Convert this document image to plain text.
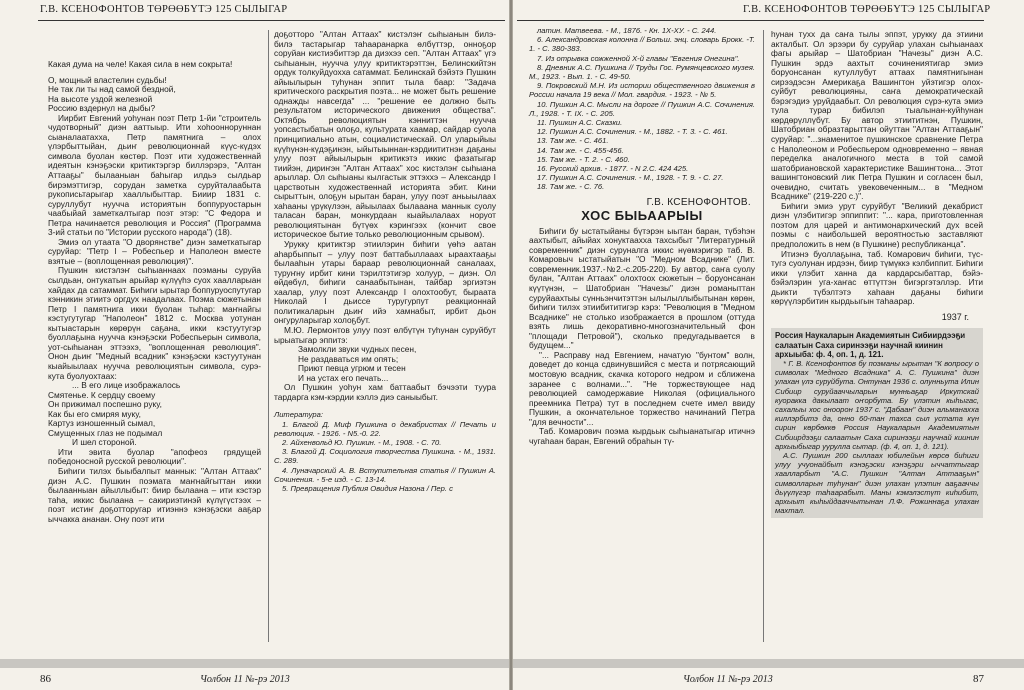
Г.В. КСЕНОФОНТОВ ТӨРӨӨБҮТЭ 125 СЫЛЫГАР

Какая дума на челе! Какая сила в нем сокрыта!

О, мощный властелин судьбы!

Не так ли ты над самой бездной,

На высоте уздой железной

Россию вздернул на дыбы?

Иирбит Евгений уоһунан поэт Петр 1-йи "строитель чудотворный" диэн ааттыыр. Ити хоһоонноруннан сыаналаатахха, Петр памятнига – олох үлэрбыттыйан, дьиҥ революционнай күүс-күдэх символа буолан көстөр. Поэт ити художественнай идеятын кэнэҕэски критиктэргэр биллэрэрэ, "Алтан Аттааҕы" былааныан баһыгар илдьэ сылдьар бирэмэттигэр, сорудан заметка суруйталаабыта рукописьтарыгар хааллыбыттар. Бииир 1831 с. суруллубут нууччa историятын боппуруостарын чаабыйай заметкалтыгар поэт этэр: "С Федора и Петра начинается революция и Россия" (Программа 3-ий статьи по "Истории русского народа") (18).

Эмиэ ол утаата "О дворянстве" диэн заметкатыгар суруйар: "Петр I – Робеспьер и Наполеон вместе взятые – (воплощенная революция)".

Пушкин кистэлэҥ сыһыаннаах поэманы суруйа сылдьан, онтукатын арыйар күлүүһэ суох хаалларыан хайдах да сатаммат. Биһиги ырытар боппуруоспутугар кэнникин этиитэ оргдух наадалаах. Поэма сюжетынан Петр I памятнига икки буолан тыһар: маҥнайгы кэстугутугар "Наполеон" 1812 с. Москва уотунан кытыастарын көрөрүн саҕана, икки кэстуутугэр буоллаҕына нууччa кэнэҕэски Робеспьерын символа, уот-сыһыанан эттээхэ, "воплощенная революция". Онон дьиҥ "Медный всадник" кэнэҕэски кэстуутунан кыайыылаах нууччa революциятын символа, сурэ-кута буолуохтаах:

... В его лице изображалось

Смятенье. К сердцу своему

Он прижимал поспешно руку,

Как бы его смиряя муку,

Картуз изношенный сымал,

Смущенных глаз не подымал

И шел стороной.

Ити эвита буолар "апофеоз грядущей победоносной русской революции".

Биһиги тилэх быыбалпыт маннык: "Алтан Аттаах" диэн А.С. Пушкин поэмата маҥнайгыттан икки былаанныан айыллыбыт: биир былаана – ити кэстэр таһа, иккис былаана – сакириэтинэй күлүгүстээх – поэт истиҥ доҕотторугар итиэннэ кэнэҕэски ааҕар ыччакка ананан. Ону поэт ити

доҕотторо "Алтан Аттаах" кистэлэҥ сыһыанын билэ-билэ тастарыгар таһааранарка өлбүттэр, онноҕор соруйан кистиэбиттэр да диэхээ сеп. "Алтан Аттаах" үгэ сыһыанын, нууччa улуу критиктэрэттэн, Белинскийтэн ордук толкуйдуохха сатаммат. Белинскай бэйэтэ Пушкин айыылырын туһунан эппит тыла баар: "Задача критического раскрытия поэта... не может быть решение однажды навсегда" ... "решение ее должно быть результатом исторического движения общества". Октябрь революциятын кэнниттэн нуучча уопсастыбатын олоҕо, культурата хаамар, сайдар суола принципиально атын, социалистическай. Ол уларыйыы күүһүнэн-күдэҕинэн, ыйытыыннан-кэрдиититнэн даҕаны улуу поэт айыылырын критикэтэ иккис фазатыгар тиийэн, дириҥэн "Алтан Аттаах" хос кистэлэҥ сыһыана арыллар. Ол сыһыаны кылгастык эттэххэ – Александр I царствотын художественнай историята эбит. Кини сырыттын, олоҕун ырытан баран, улуу поэт аньыылаах хаһааны үрүкүлээн, айыылаах былааана маннык суолу таласан баран, монкурдаан кыайылалаах норуот революциятынан бүтүөх кэрингээх (кончит свое историческое бытие только революционным срывом).

Уруккy критиктэр этиилэрин биһиги үөһэ аатан аһарбыппыт – улуу поэт баттабыллааах ыраахтааҕы былааһын утары бараар революционнай саналаах, туруҥну ирбит кини тэрилтэтигэр холуур, – диэн. Ол өйдөбүл, биһиги санаабытынан, тайбар эргиэтэн хаалар, улуу поэт Александр I олохтообут, быраата Николай I дьиссе туругурпут реакционнай политикаларын дьиҥ ийэ хамнабыт, ирбит дьон онгуруларыгар холоҕбут.

М.Ю. Лермонтов улуу поэт өлбүтүн туһунан суруйбут ырыатыгар эппитэ:

Замолкли звуки чудных песен,

Не раздаваться им опять;

Приют певца угрюм и тесен

И на устах его печать...

Ол Пушкин уоһун хам баттаабыт бэчээти туура тардарга кэм-кэрдии кэллэ диэ саныыбыт.

Литература:

1. Благой Д. Миф Пушкина о декабристах // Печать и революция. - 1926. - N5.-0. 22.

2. Айхенвольд Ю. Пушкин. - М., 1908. - С. 70.

3. Благой Д. Социология творчества Пушкина. - М., 1931. С. 289.

4. Луначарский А. В. Вступительная статья // Пушкин А. Сочинения. - 5-е изд. - С. 13-14.

5. Превращения Публия Овидия Назона / Пер. с

86	Чолбон 11 №-рэ 2013
Г.В. КСЕНОФОНТОВ ТӨРӨӨБҮТЭ 125 СЫЛЫГАР

латин. Матвеева. - М., 1876. - Кн. 1Х-ХУ. - С. 244.

6. Александровская колонна // Больш. энц. словарь Брокк. -Т. 1. - С. 380-383.

7. Из отрывка сожженной Х-й главы "Евгения Онегина".

8. Дневник А.С. Пушкина // Труды Гос. Румянцевского музея. М., 1923. - Вып. 1. - С. 49-50.

9. Покровский М.Н. Из истории общественного движения в России начала 19 века // Мол. гвардия. - 1923. - № 5.

10. Пушкин А.С. Мысли на дороге // Пушкин А.С. Сочинения. Л., 1928. - Т. IX. - С. 205.

11. Пушкин А.С. Сказки.

12. Пушкин А.С. Сочинения. - М., 1882. - Т. 3. - С. 461.

13. Там же. - С. 461.

14. Там же. - С. 455-456.

15. Там же. - Т. 2. - С. 460.

16. Русский архив. - 1877. - N 2.С. 424 425.

17. Пушкин А.С. Сочинения. - М., 1928. - Т. 9. - С. 27.

18. Там же. - С. 76.

Г.В. КСЕНОФОНТОВ.
ХОС БЫЬААРЫЫ

Биһиги бу ыстатыйаны бүтэрэн ыытан баран, түбэһэн аахтыбыт, айыйах хонуктааххa тахсыбыт "Литературный современник" диэн суруналга иккис нүөмэригэр таб. В. Комаровыч ыстатыйатын "О "Медном Всаднике" (Лит. современник.1937.-№2.-с.205-220). Бу автор, саҥа суолу булан, "Алтан Аттаах" олохтоох сюжетын – боруонсанан күүтүнэн, – Шатобриан "Начезы" диэн романыттан суруйаахтыы сүнньэнчитэттэн ылылыллыбытынан көрөн, биһиги тилэх этиибититигэр кэрэ: "Революция в "Медном Всаднике" не столько изображается в прошлом (оттуда взять лишь декоративно-многозначительный фон "площади Петровой"), сколько предугадывается в будущем..."

"... Расправу над Евгением, начатую "бунтом" волн, доведет до конца сдвинувшийся с места и потрясающий мостовую всадник, скачка которого недром и сближена заранее с волнами...". "Не торжествующее над революцией самодержавие Николая (официального преемника Петра) тут в последнем счете имел ввиду Пушкин, а окончательное торжество начинаний Петра "для вечности"...

Таб. Комарович поэма кырдьык сыһыанатыгар итичнэ чугаһаан баран, Евгений обраһын тү-

һунан тухх да саҥа тылы эппэт, урукку да этиини акталбыт. Ол эрээри бу суруйар улахан сыһыанаах фагы арыйар – Шатобриан "Начезы" диэн А.С. Пушкин эрдэ аахтыт сочинениятигар эмиэ боруонсанан кутуллубут аттаах памятнигынан сирээдэсэн Америкаҕа Вашингтон уйэтигэр олох-суйбут революцияны, саҥа демократическай бэрэгэдиэ уруйдаабыт. Ол революция сүрэ-кута эмиэ тула турар бибилэп тыалынан-куйһунан көрдөрүллүбүт. Бу автор этиититнэн, Пушкин, Шатобриан образтарыттан ойуттан "Алтан Аттааҕын" суруйар: "...знаменитое пушкинское сравнение Петра с Наполеоном и Робеспьером одновременно – явная переделка аналогичного места в той самой шатобриановской характеристике Вашингтона... Этот вашингтоновский лик Петра Пушкин и согласен был, очевидно, считать увековеченным... в "Медном Всаднике" (219-220 с.)".

Биһиги эмиэ урут суруйбут "Великий декабрист диэн үлэбитигэр эппиппит: "... кара, приготовленная поэтом для царей и антимонархический дух всей поэмы с наибольшей вероятностью заставляют предположить в нем (в Пушкине) республиканца".

Итиэнэ буоллаҕына, таб. Комарович биһиги, түс-тугэ суолунан ирдээн, биир түмүккэ кэлбиппит. Биһиги икки үлэбит ханна да кардарсыбаттар, бэйэ-бэйэлэрин уга-хаҥас өттүттэн бигэргэтэллэр. Ити дьикти түбэлтэтэ хаһаан даҕаны биһиги көрүүлэрбитин кырдьыгын таһаарар.

1937 г.

Россия Наукаларын Академиятын Сибиирдээҕи салаатын Саха сиринээҕи научнай киинин архыыба: ф. 4, оп. 1, д. 121.

* Г. В. Ксенофонтов бу поэманы ырытан "К вопросу о символах "Медного Всадника" А. С. Пушкина" диэн улахан үлэ суруйбута. Онтунан 1936 с. олунньута Илин Сибиир суруйааччыларын мунньаҕар Иркутскай куоракка дакылаат оҥорбута. Бу үлэтин кыһыгас, сахалыы хос оноорон 1937 с. "Дабаан" диэн альманаххa киллэрбитэ да, онно 60-тан тахса сыл устата күн сирин көрбөккө Россия Наукаларын Академиятын Сибиирдээҕи салаатын Саха сиринээҕи научнай киинин архыыбыгар уурулла сытар. (ф. 4, оп. 1, д. 121).

А.С. Пушкин 200 сыллаах юбилейын көрсө биһиги улуу учуонайбыт кэнэҕэски кэнэҕэри ыччаттыгар хаалларбыт "А.С. Пушкин "Алтан Аттааҕын" символларын туһунан" диэн улахан үлэтин ааҕааччы дьүүлүгэр таһаарабыт. Маны кэмэлэстүт киһибит, архыыт кыһыйдааччытынан Л.Ф. Рожиннаҕа улахан махтал.

Чолбон 11 №-рэ 2013	87
